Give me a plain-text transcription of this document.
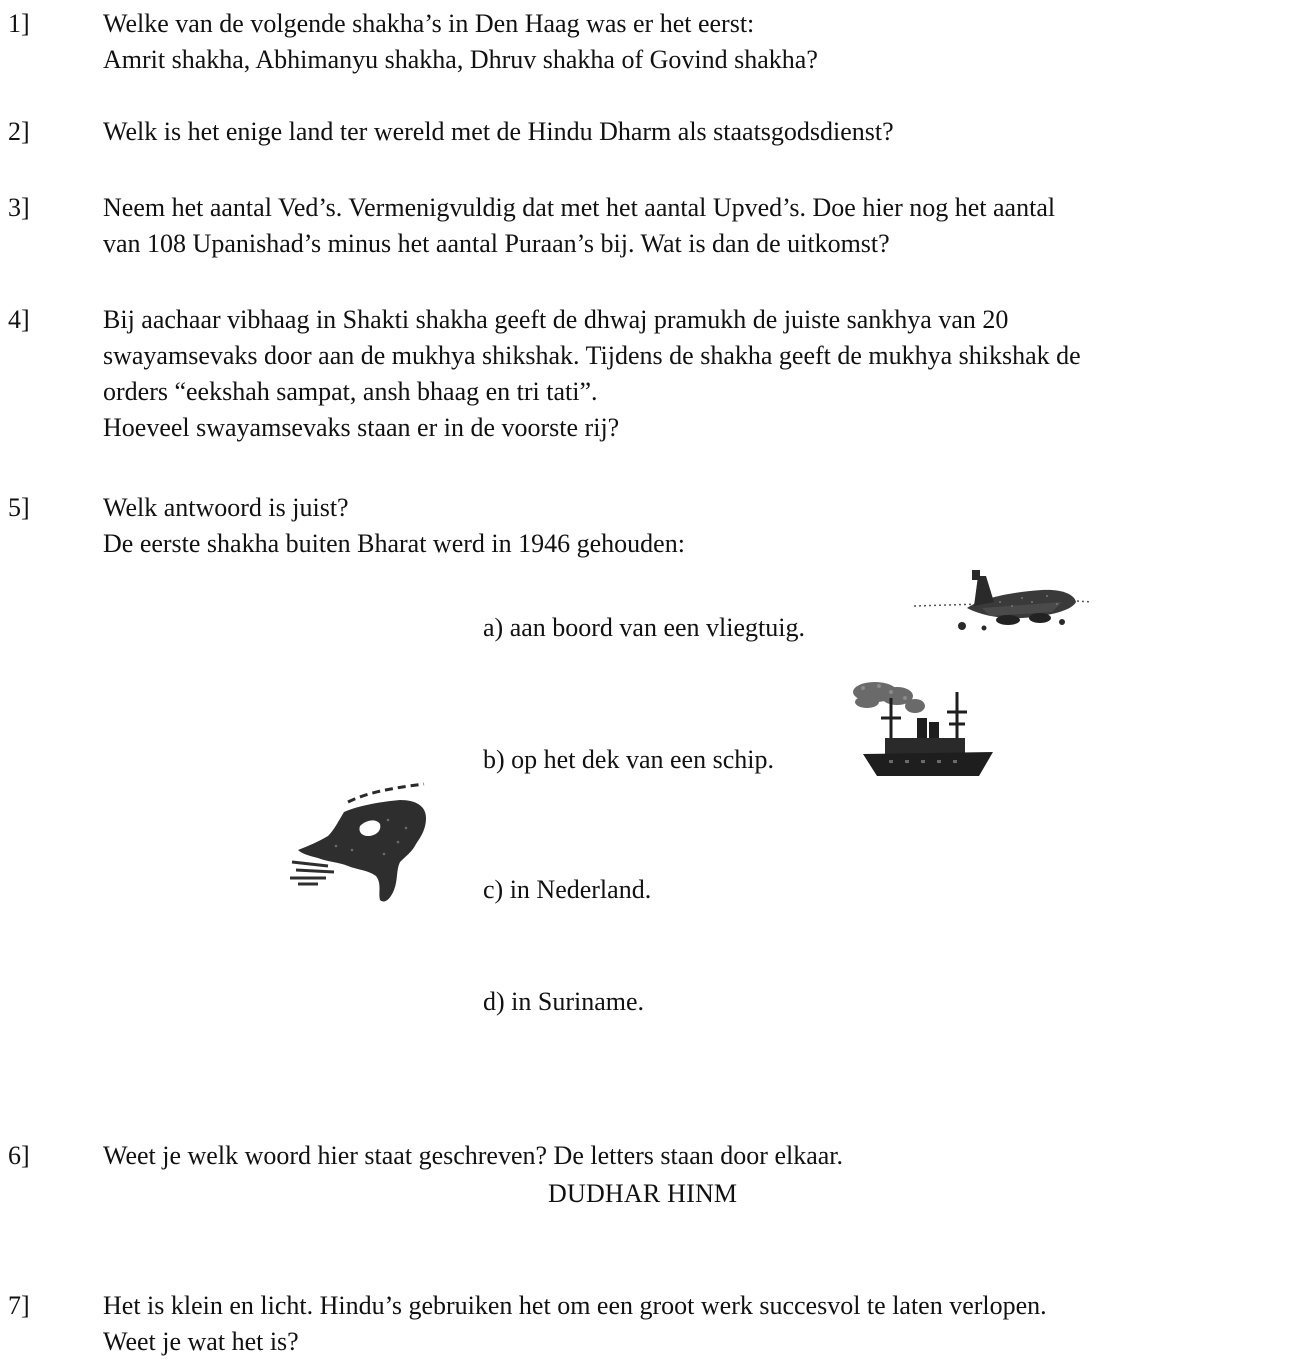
1]	Welke van de volgende shakha’s in Den Haag was er het eerst:
Amrit shakha, Abhimanyu shakha, Dhruv shakha of Govind shakha?
2]	Welk is het enige land ter wereld met de Hindu Dharm als staatsgodsdienst?
3]	Neem het aantal Ved’s. Vermenigvuldig dat met het aantal Upved’s. Doe hier nog het aantal
van 108 Upanishad’s minus het aantal Puraan’s bij. Wat is dan de uitkomst?
4]	Bij aachaar vibhaag in Shakti shakha geeft de dhwaj pramukh de juiste sankhya van 20
swayamsevaks door aan de mukhya shikshak. Tijdens de shakha geeft de mukhya shikshak de
orders “eekshah sampat, ansh bhaag en tri tati”.
Hoeveel swayamsevaks staan er in de voorste rij?
5]	Welk antwoord is juist?
De eerste shakha buiten Bharat werd in 1946 gehouden:
a) aan boord van een vliegtuig.
b) op het dek van een schip.
c) in Nederland.
d) in Suriname.
6]	Weet je welk woord hier staat geschreven? De letters staan door elkaar.
DUDHAR HINM
7]	Het is klein en licht. Hindu’s gebruiken het om een groot werk succesvol te laten verlopen.
Weet je wat het is?
